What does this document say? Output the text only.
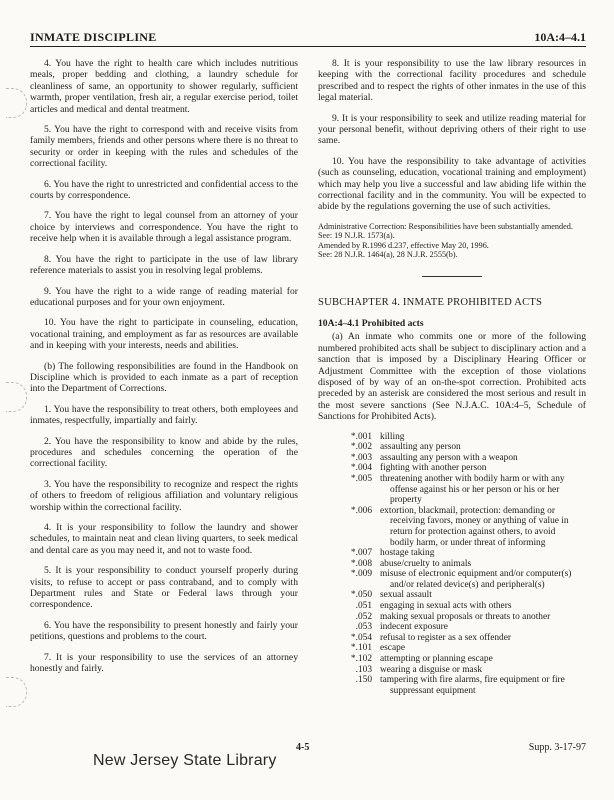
INMATE DISCIPLINE	10A:4–4.1

4. You have the right to health care which includes nutritious meals, proper bedding and clothing, a laundry schedule for cleanliness of same, an opportunity to shower regularly, sufficient warmth, proper ventilation, fresh air, a regular exercise period, toilet articles and medical and dental treatment.

5. You have the right to correspond with and receive visits from family members, friends and other persons where there is no threat to security or order in keeping with the rules and schedules of the correctional facility.

6. You have the right to unrestricted and confidential access to the courts by correspondence.

7. You have the right to legal counsel from an attorney of your choice by interviews and correspondence. You have the right to receive help when it is available through a legal assistance program.

8. You have the right to participate in the use of law library reference materials to assist you in resolving legal problems.

9. You have the right to a wide range of reading material for educational purposes and for your own enjoyment.

10. You have the right to participate in counseling, education, vocational training, and employment as far as resources are available and in keeping with your interests, needs and abilities.

(b) The following responsibilities are found in the Handbook on Discipline which is provided to each inmate as a part of reception into the Department of Corrections.

1. You have the responsibility to treat others, both employees and inmates, respectfully, impartially and fairly.

2. You have the responsibility to know and abide by the rules, procedures and schedules concerning the operation of the correctional facility.

3. You have the responsibility to recognize and respect the rights of others to freedom of religious affiliation and voluntary religious worship within the correctional facility.

4. It is your responsibility to follow the laundry and shower schedules, to maintain neat and clean living quarters, to seek medical and dental care as you may need it, and not to waste food.

5. It is your responsibility to conduct yourself properly during visits, to refuse to accept or pass contraband, and to comply with Department rules and State or Federal laws through your correspondence.

6. You have the responsibility to present honestly and fairly your petitions, questions and problems to the court.

7. It is your responsibility to use the services of an attorney honestly and fairly.

8. It is your responsibility to use the law library resources in keeping with the correctional facility procedures and schedule prescribed and to respect the rights of other inmates in the use of this legal material.

9. It is your responsibility to seek and utilize reading material for your personal benefit, without depriving others of their right to use same.

10. You have the responsibility to take advantage of activities (such as counseling, education, vocational training and employment) which may help you live a successful and law abiding life within the correctional facility and in the community. You will be expected to abide by the regulations governing the use of such activities.

Administrative Correction: Responsibilities have been substantially amended.

See: 19 N.J.R. 1573(a).

Amended by R.1996 d.237, effective May 20, 1996.

See: 28 N.J.R. 1464(a), 28 N.J.R. 2555(b).

SUBCHAPTER 4. INMATE PROHIBITED ACTS

10A:4–4.1 Prohibited acts

(a) An inmate who commits one or more of the following numbered prohibited acts shall be subject to disciplinary action and a sanction that is imposed by a Disciplinary Hearing Officer or Adjustment Committee with the exception of those violations disposed of by way of an on-the-spot correction. Prohibited acts preceded by an asterisk are considered the most serious and result in the most severe sanctions (See N.J.A.C. 10A:4–5, Schedule of Sanctions for Prohibited Acts).

*.001	killing
*.002	assaulting any person
*.003	assaulting any person with a weapon
*.004	fighting with another person
*.005	threatening another with bodily harm or with any offense against his or her person or his or her property
*.006	extortion, blackmail, protection: demanding or receiving favors, money or anything of value in return for protection against others, to avoid bodily harm, or under threat of informing
*.007	hostage taking
*.008	abuse/cruelty to animals
*.009	misuse of electronic equipment and/or computer(s) and/or related device(s) and peripheral(s)
*.050	sexual assault
.051	engaging in sexual acts with others
.052	making sexual proposals or threats to another
.053	indecent exposure
*.054	refusal to register as a sex offender
*.101	escape
*.102	attempting or planning escape
.103	wearing a disguise or mask
.150	tampering with fire alarms, fire equipment or fire suppressant equipment
New Jersey State Library
4-5	Supp. 3-17-97
